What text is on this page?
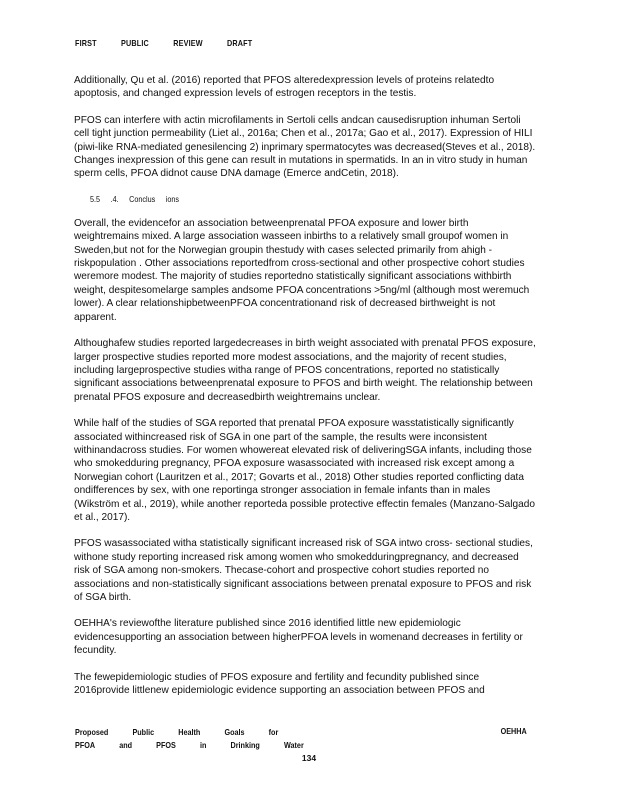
FIRST	PUBLIC	REVIEW	DRAFT

Additionally, Qu et al. (2016) reported that PFOS alteredexpression levels of proteins relatedto apoptosis, and changed expression levels of estrogen receptors in the testis.

PFOS can interfere with actin microfilaments in Sertoli cells andcan causedisruption inhuman Sertoli cell tight junction permeability (Liet al., 2016a; Chen et al., 2017a; Gao et al., 2017). Expression of HILI (piwi-like RNA-mediated genesilencing 2) inprimary spermatocytes was decreased(Steves et al., 2018). Changes inexpression of this gene can result in mutations in spermatids. In an in vitro study in human sperm cells, PFOA didnot cause DNA damage (Emerce andCetin, 2018).

5.5 .4. Conclus ions

Overall, the evidencefor an association betweenprenatal PFOA exposure and lower birth weightremains mixed. A large association wasseen inbirths to a relatively small groupof women in Sweden,but not for the Norwegian groupin thestudy with cases selected primarily from ahigh -riskpopulation . Other associations reportedfrom cross-sectional and other prospective cohort studies weremore modest. The majority of studies reportedno statistically significant associations withbirth weight, despitesomelarge samples andsome PFOA concentrations >5ng/ml (although most weremuch lower). A clear relationshipbetweenPFOA concentrationand risk of decreased birthweight is not apparent.

Althoughafew studies reported largedecreases in birth weight associated with prenatal PFOS exposure, larger prospective studies reported more modest associations, and the majority of recent studies, including largeprospective studies witha range of PFOS concentrations, reported no statistically significant associations betweenprenatal exposure to PFOS and birth weight. The relationship between prenatal PFOS exposure and decreasedbirth weightremains unclear.

While half of the studies of SGA reported that prenatal PFOA exposure wasstatistically significantly associated withincreased risk of SGA in one part of the sample, the results were inconsistent withinandacross studies. For women whowereat elevated risk of deliveringSGA infants, including those who smokedduring pregnancy, PFOA exposure wasassociated with increased risk except among a Norwegian cohort (Lauritzen et al., 2017; Govarts et al., 2018) Other studies reported conflicting data ondifferences by sex, with one reportinga stronger association in female infants than in males (Wikström et al., 2019), while another reporteda possible protective effectin females (Manzano-Salgado et al., 2017).

PFOS wasassociated witha statistically significant increased risk of SGA intwo cross- sectional studies, withone study reporting increased risk among women who smokedduringpregnancy, and decreased risk of SGA among non-smokers. Thecase-cohort and prospective cohort studies reported no associations and non-statistically significant associations between prenatal exposure to PFOS and risk of SGA birth.

OEHHA's reviewofthe literature published since 2016 identified little new epidemiologic evidencesupporting an association between higherPFOA levels in womenand decreases in fertility or fecundity.

The fewepidemiologic studies of PFOS exposure and fertility and fecundity published since 2016provide littlenew epidemiologic evidence supporting an association between PFOS and

Proposed	Public	Health	Goals	for
PFOA	and	PFOS	in	Drinking	Water
OEHHA
134
